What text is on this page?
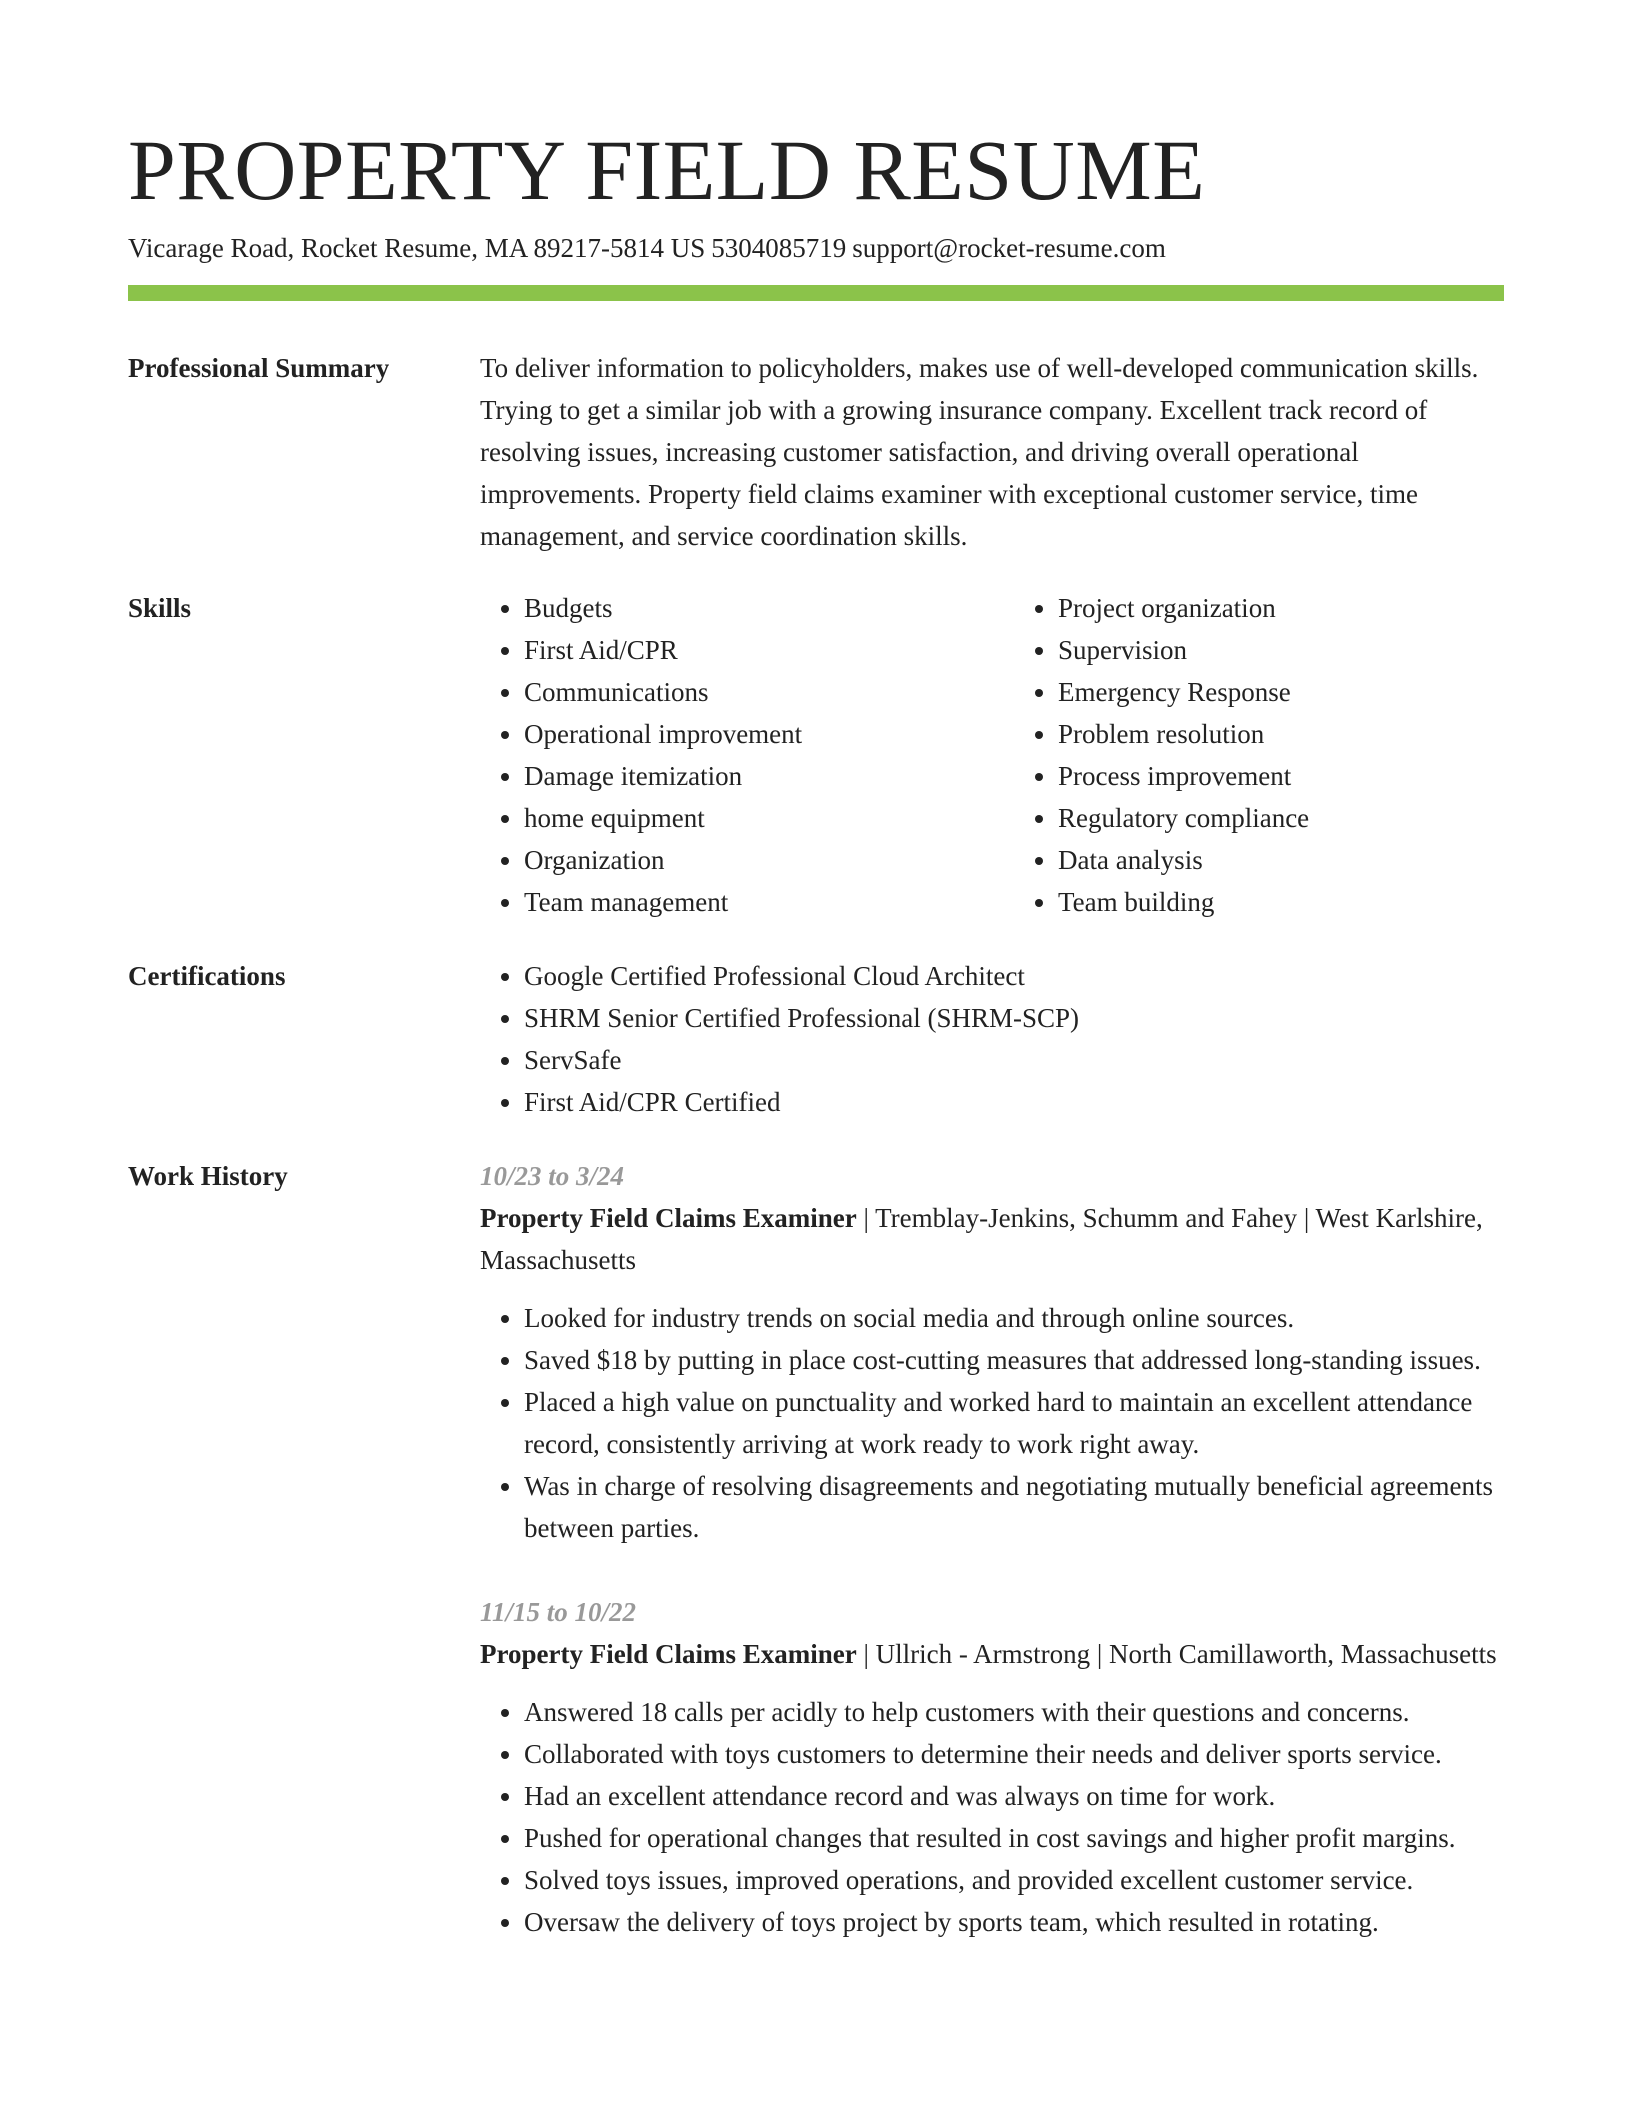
PROPERTY FIELD RESUME
Vicarage Road, Rocket Resume, MA 89217-5814 US 5304085719 support@rocket-resume.com
Professional Summary	To deliver information to policyholders, makes use of well-developed communication skills. Trying to get a similar job with a growing insurance company. Excellent track record of resolving issues, increasing customer satisfaction, and driving overall operational improvements. Property field claims examiner with exceptional customer service, time management, and service coordination skills.

Skills	• Budgets
• First Aid/CPR
• Communications
• Operational improvement
• Damage itemization
• home equipment
• Organization
• Team management
• Project organization
• Supervision
• Emergency Response
• Problem resolution
• Process improvement
• Regulatory compliance
• Data analysis
• Team building
Certifications	• Google Certified Professional Cloud Architect
• SHRM Senior Certified Professional (SHRM-SCP)
• ServSafe
• First Aid/CPR Certified
Work History	10/23 to 3/24

Property Field Claims Examiner | Tremblay-Jenkins, Schumm and Fahey | West Karlshire, Massachusetts

• Looked for industry trends on social media and through online sources.
• Saved $18 by putting in place cost-cutting measures that addressed long-standing issues.
• Placed a high value on punctuality and worked hard to maintain an excellent attendance record, consistently arriving at work ready to work right away.
• Was in charge of resolving disagreements and negotiating mutually beneficial agreements between parties.
11/15 to 10/22

Property Field Claims Examiner | Ullrich - Armstrong | North Camillaworth, Massachusetts

• Answered 18 calls per acidly to help customers with their questions and concerns.
• Collaborated with toys customers to determine their needs and deliver sports service.
• Had an excellent attendance record and was always on time for work.
• Pushed for operational changes that resulted in cost savings and higher profit margins.
• Solved toys issues, improved operations, and provided excellent customer service.
• Oversaw the delivery of toys project by sports team, which resulted in rotating.
